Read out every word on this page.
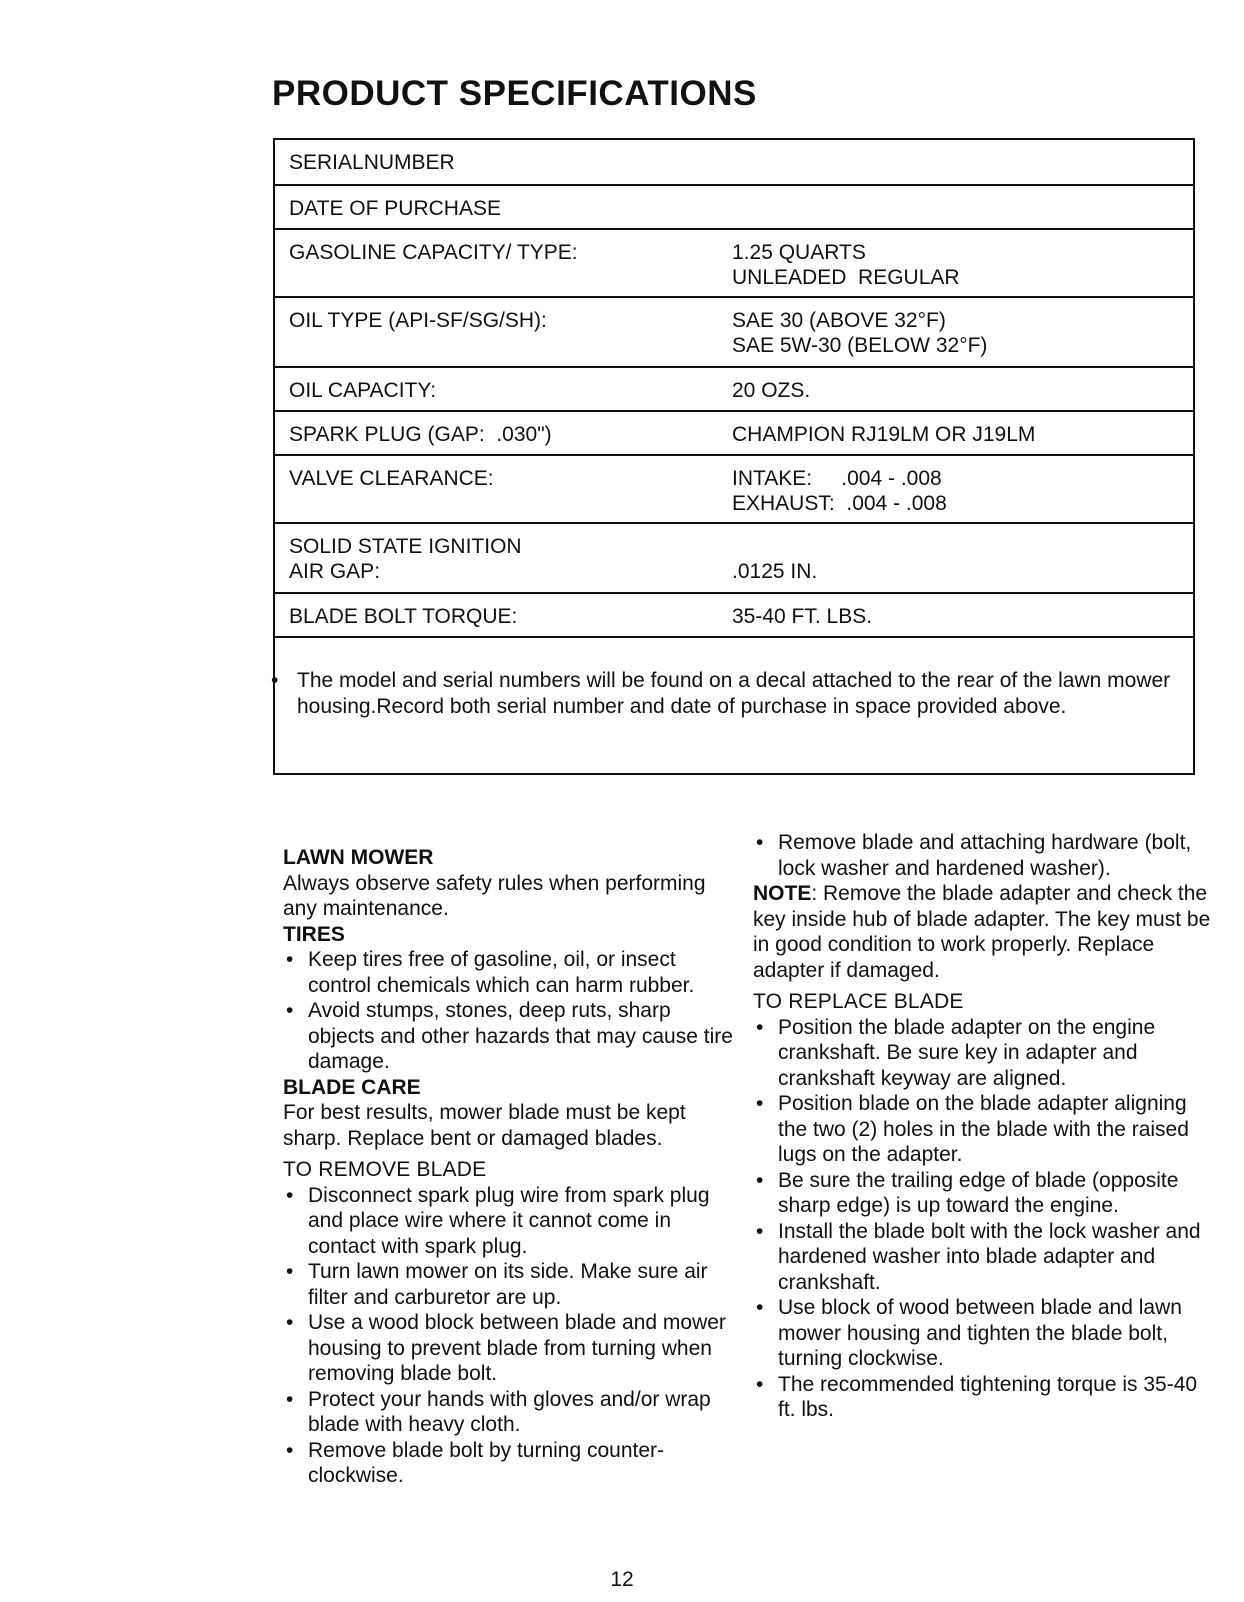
PRODUCT SPECIFICATIONS
SERIALNUMBER
DATE OF PURCHASE
GASOLINE CAPACITY/ TYPE:	1.25 QUARTS
UNLEADED  REGULAR
OIL TYPE (API-SF/SG/SH):	SAE 30 (ABOVE 32°F)
SAE 5W-30 (BELOW 32°F)
OIL CAPACITY:	20 OZS.
SPARK PLUG (GAP:  .030")	CHAMPION RJ19LM OR J19LM
VALVE CLEARANCE:	INTAKE:     .004 - .008
EXHAUST:  .004 - .008
SOLID STATE IGNITION
AIR GAP:	.0125 IN.
BLADE BOLT TORQUE:	35-40 FT. LBS.
• The model and serial numbers will be found on a decal attached to the rear of the lawn mower housing.Record both serial number and date of purchase in space provided above.
LAWN MOWER
Always observe safety rules when performing any maintenance.
TIRES
• Keep tires free of gasoline, oil, or insect control chemicals which can harm rubber.
• Avoid stumps, stones, deep ruts, sharp objects and other hazards that may cause tire damage.
BLADE CARE
For best results, mower blade must be kept sharp. Replace bent or damaged blades.
TO REMOVE BLADE
• Disconnect spark plug wire from spark plug and place wire where it cannot come in contact with spark plug.
• Turn lawn mower on its side. Make sure air filter and carburetor are up.
• Use a wood block between blade and mower housing to prevent blade from turning when removing blade bolt.
• Protect your hands with gloves and/or wrap blade with heavy cloth.
• Remove blade bolt by turning counter-clockwise.
• Remove blade and attaching hardware (bolt, lock washer and hardened washer).
NOTE: Remove the blade adapter and check the key inside hub of blade adapter. The key must be in good condition to work properly. Replace adapter if damaged.
TO REPLACE BLADE
• Position the blade adapter on the engine crankshaft. Be sure key in adapter and crankshaft keyway are aligned.
• Position blade on the blade adapter aligning the two (2) holes in the blade with the raised lugs on the adapter.
• Be sure the trailing edge of blade (opposite sharp edge) is up toward the engine.
• Install the blade bolt with the lock washer and hardened washer into blade adapter and crankshaft.
• Use block of wood between blade and lawn mower housing and tighten the blade bolt, turning clockwise.
• The recommended tightening torque is 35-40 ft. lbs.
12
